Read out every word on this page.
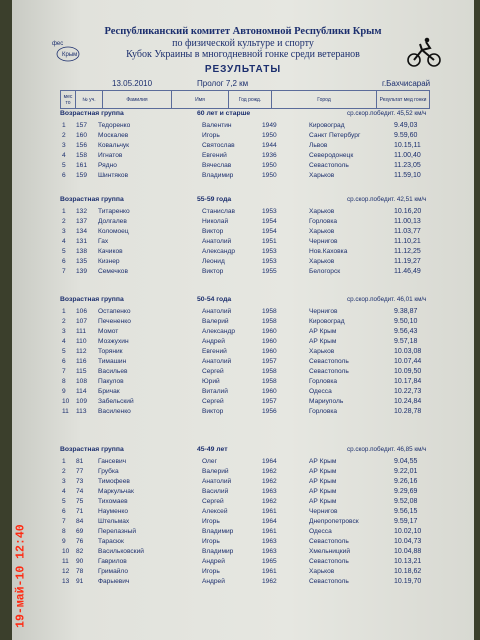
фес
Крым
Республиканский комитет Автономной Республики Крым
по физической культуре и спорту
Кубок Украины в многодневной гонке среди ветеранов
РЕЗУЛЬТАТЫ
13.05.2010	Пролог 7,2 км	г.Бахчисарай
мес то	№ уч.	Фамилия	Имя	Год рожд.	Город	Результат мед гонки
Возрастная группа	60 лет и старше	ср.скор.победит. 45,52 км/ч
1 157 Тедоренко	Валентин	1949	Кировоград	9.49,03
2 160 Москалев	Игорь	1950	Санкт Петербург	9.59,60
3 156 Ковальчук	Святослав	1944	Львов	10.15,11
4 158 Игнатов	Евгений	1936	Северодонецк	11.00,40
5 161 Рядно	Вячеслав	1950	Севастополь	11.23,05
6 159 Шинтяков	Владимир	1950	Харьков	11.59,10
Возрастная группа	55-59 года	ср.скор.победит. 42,51 км/ч
1 132 Титаренко	Станислав	1953	Харьков	10.16,20
2 137 Долгалев	Николай	1954	Горловка	11.00,13
3 134 Коломоец	Виктор	1954	Харьков	11.03,77
4 131 Гах	Анатолий	1951	Чернигов	11.10,21
5 138 Качиков	Александр	1953	Нов.Каховка	11.12,25
6 135 Кизнер	Леонид	1953	Харьков	11.19,27
7 139 Семечков	Виктор	1955	Белогорск	11.46,49
Возрастная группа	50-54 года	ср.скор.победит. 46,01 км/ч
1 106 Остапенко	Анатолий	1958	Чернигов	9.38,87
2 107 Печененко	Валерий	1958	Кировоград	9.50,10
3 111 Момот	Александр	1960	АР Крым	9.56,43
4 110 Мозжухин	Андрей	1960	АР Крым	9.57,18
5 112 Торяник	Евгений	1960	Харьков	10.03,08
6 116 Тимашин	Анатолий	1957	Севастополь	10.07,44
7 115 Васильев	Сергей	1958	Севастополь	10.09,50
8 108 Пакулов	Юрий	1958	Горловка	10.17,84
9 114 Бричак	Виталий	1960	Одесса	10.22,73
10 109 Забельский	Сергей	1957	Мариуполь	10.24,84
11 113 Василенко	Виктор	1956	Горловка	10.28,78
Возрастная группа	45-49 лет	ср.скор.победит. 46,85 км/ч
1 81 Гансевич	Олег	1964	АР Крым	9.04,55
2 77 Грубка	Валерий	1962	АР Крым	9.22,01
3 73 Тимофеев	Анатолий	1962	АР Крым	9.26,16
4 74 Маркульчак	Василий	1963	АР Крым	9.29,69
5 75 Тихомаев	Сергей	1962	АР Крым	9.52,08
6 71 Науменко	Алексей	1961	Чернигов	9.56,15
7 84 Штельмах	Игорь	1964	Днепропетровск	9.59,17
8 69 Перелазный	Владимир	1961	Одесса	10.02,10
9 76 Тарасюк	Игорь	1963	Севастополь	10.04,73
10 82 Васильковский	Владимир	1963	Хмельницкий	10.04,88
11 90 Гаврилов	Андрей	1965	Севастополь	10.13,21
12 78 Гримайло	Игорь	1961	Харьков	10.18,62
13 91 Фарыевич	Андрей	1962	Севастополь	10.19,70
19-май-10 12:40
